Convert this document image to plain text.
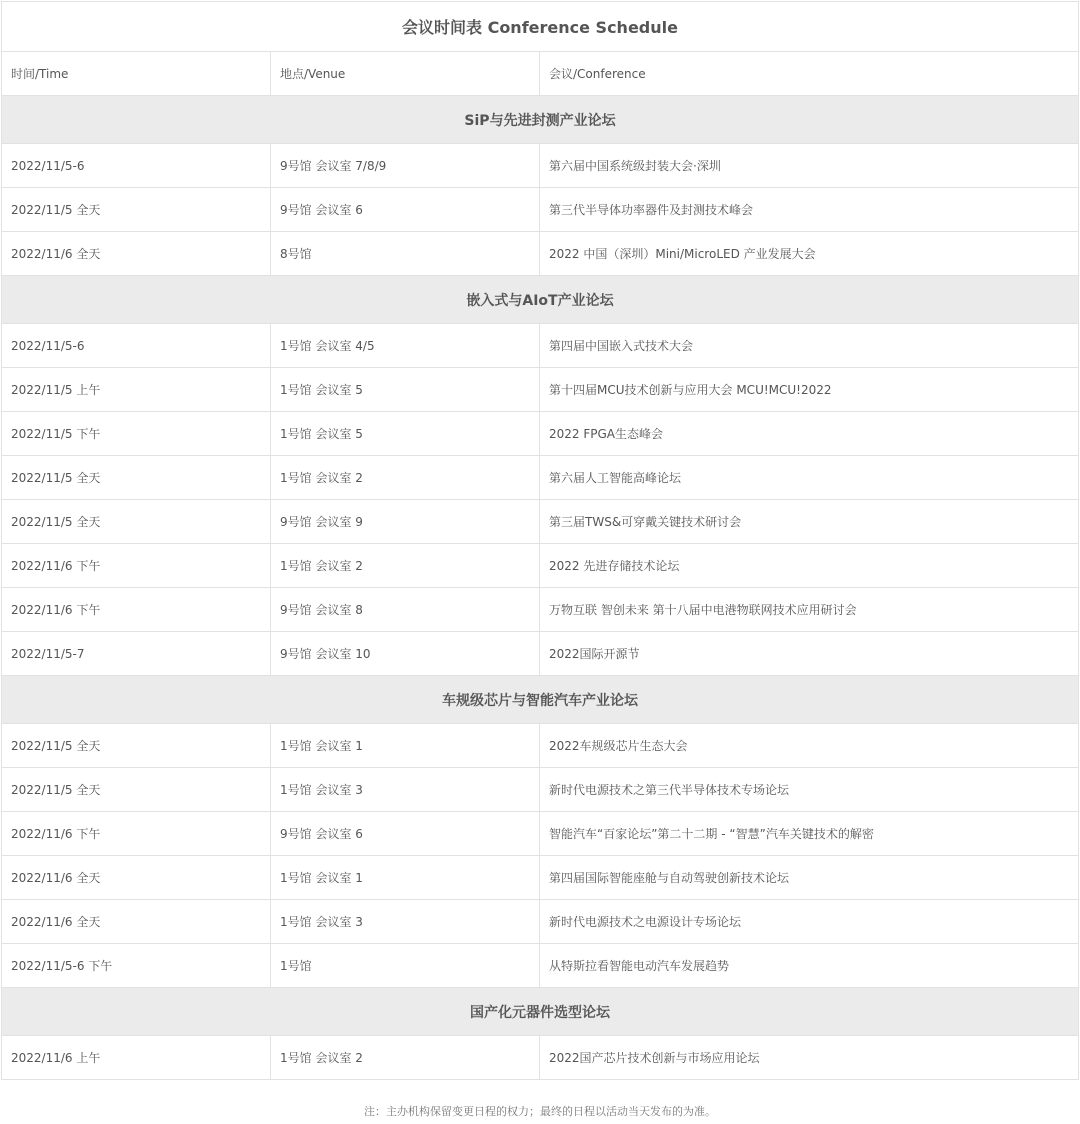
会议时间表 Conference Schedule		
时间/Time	地点/Venue	会议/Conference
SiP与先进封测产业论坛		
2022/11/5-6	9号馆 会议室 7/8/9	第六届中国系统级封装大会·深圳
2022/11/5 全天	9号馆 会议室 6	第三代半导体功率器件及封测技术峰会
2022/11/6 全天	8号馆	2022 中国（深圳）Mini/MicroLED 产业发展大会
嵌入式与AIoT产业论坛		
2022/11/5-6	1号馆 会议室 4/5	第四届中国嵌入式技术大会
2022/11/5 上午	1号馆 会议室 5	第十四届MCU技术创新与应用大会 MCU!MCU!2022
2022/11/5 下午	1号馆 会议室 5	2022 FPGA生态峰会
2022/11/5 全天	1号馆 会议室 2	第六届人工智能高峰论坛
2022/11/5 全天	9号馆 会议室 9	第三届TWS&可穿戴关键技术研讨会
2022/11/6 下午	1号馆 会议室 2	2022 先进存储技术论坛
2022/11/6 下午	9号馆 会议室 8	万物互联 智创未来 第十八届中电港物联网技术应用研讨会
2022/11/5-7	9号馆 会议室 10	2022国际开源节
车规级芯片与智能汽车产业论坛		
2022/11/5 全天	1号馆 会议室 1	2022车规级芯片生态大会
2022/11/5 全天	1号馆 会议室 3	新时代电源技术之第三代半导体技术专场论坛
2022/11/6 下午	9号馆 会议室 6	智能汽车“百家论坛”第二十二期 - “智慧”汽车关键技术的解密
2022/11/6 全天	1号馆 会议室 1	第四届国际智能座舱与自动驾驶创新技术论坛
2022/11/6 全天	1号馆 会议室 3	新时代电源技术之电源设计专场论坛
2022/11/5-6 下午	1号馆	从特斯拉看智能电动汽车发展趋势
国产化元器件选型论坛		
2022/11/6 上午	1号馆 会议室 2	2022国产芯片技术创新与市场应用论坛
注：主办机构保留变更日程的权力；最终的日程以活动当天发布的为准。
